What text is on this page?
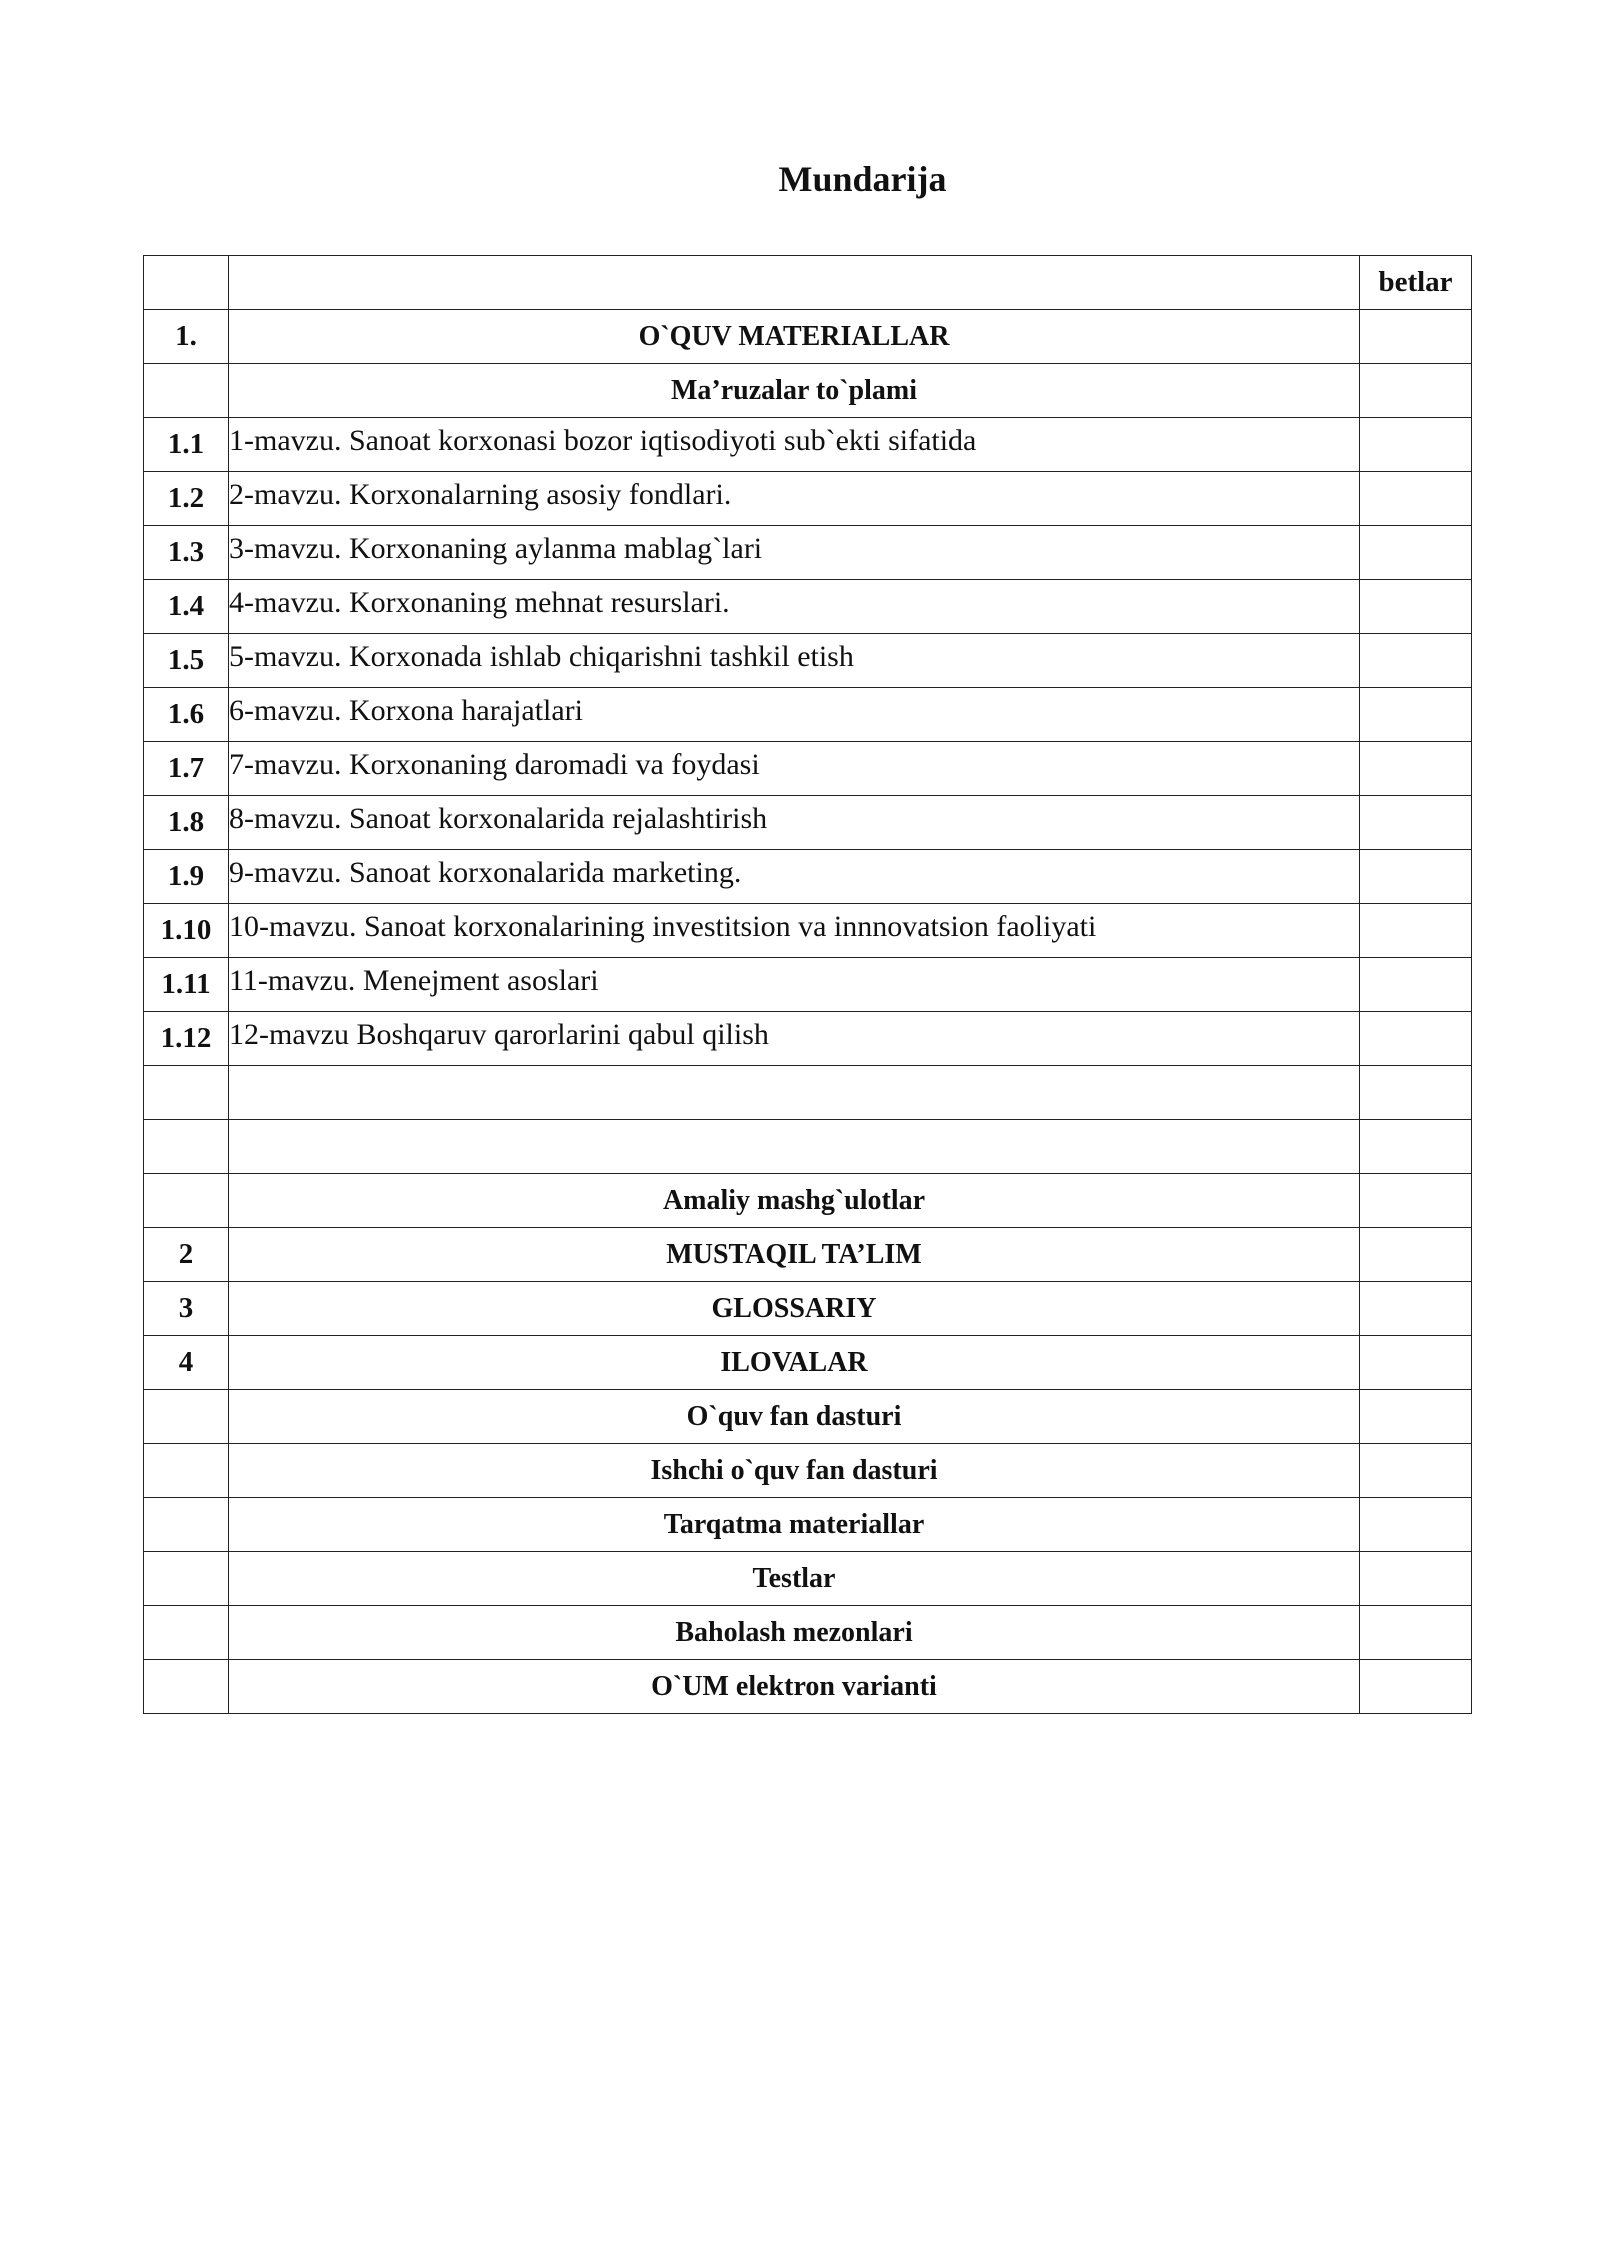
Mundarija
		betlar
1.	O`QUV MATERIALLAR	
	Ma’ruzalar to`plami	
1.1	1-mavzu. Sanoat korxonasi bozor iqtisodiyoti sub`ekti sifatida	
1.2	2-mavzu. Korxonalarning asosiy fondlari.	
1.3	3-mavzu. Korxonaning aylanma mablag`lari	
1.4	4-mavzu. Korxonaning mehnat resurslari.	
1.5	5-mavzu. Korxonada ishlab chiqarishni tashkil etish	
1.6	6-mavzu. Korxona harajatlari	
1.7	7-mavzu. Korxonaning daromadi va foydasi	
1.8	8-mavzu. Sanoat korxonalarida rejalashtirish	
1.9	9-mavzu. Sanoat korxonalarida marketing.	
1.10	10-mavzu. Sanoat korxonalarining investitsion va innnovatsion faoliyati	
1.11	11-mavzu. Menejment asoslari	
1.12	12-mavzu Boshqaruv qarorlarini qabul qilish	

	Amaliy mashg`ulotlar	
2	MUSTAQIL TA’LIM	
3	GLOSSARIY	
4	ILOVALAR	
	O`quv fan dasturi	
	Ishchi o`quv fan dasturi	
	Tarqatma materiallar	
	Testlar	
	Baholash mezonlari	
	O`UM elektron varianti	
